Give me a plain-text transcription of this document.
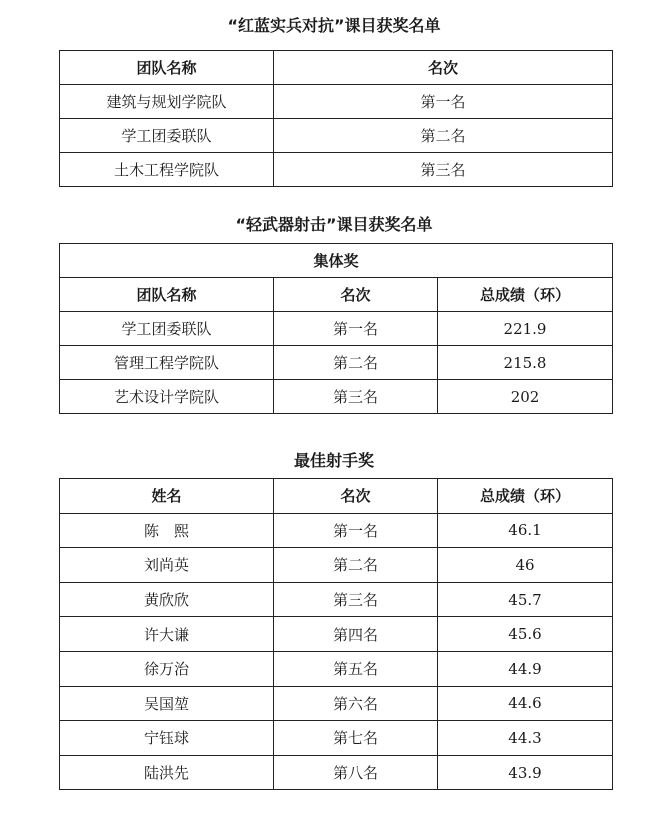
“红蓝实兵对抗”课目获奖名单
团队名称	名次
建筑与规划学院队	第一名
学工团委联队	第二名
土木工程学院队	第三名
“轻武器射击”课目获奖名单
集体奖		
团队名称	名次	总成绩（环）
学工团委联队	第一名	221.9
管理工程学院队	第二名	215.8
艺术设计学院队	第三名	202
最佳射手奖
姓名	名次	总成绩（环）
陈　熙	第一名	46.1
刘尚英	第二名	46
黄欣欣	第三名	45.7
许大谦	第四名	45.6
徐万治	第五名	44.9
吴国堃	第六名	44.6
宁钰球	第七名	44.3
陆洪先	第八名	43.9
